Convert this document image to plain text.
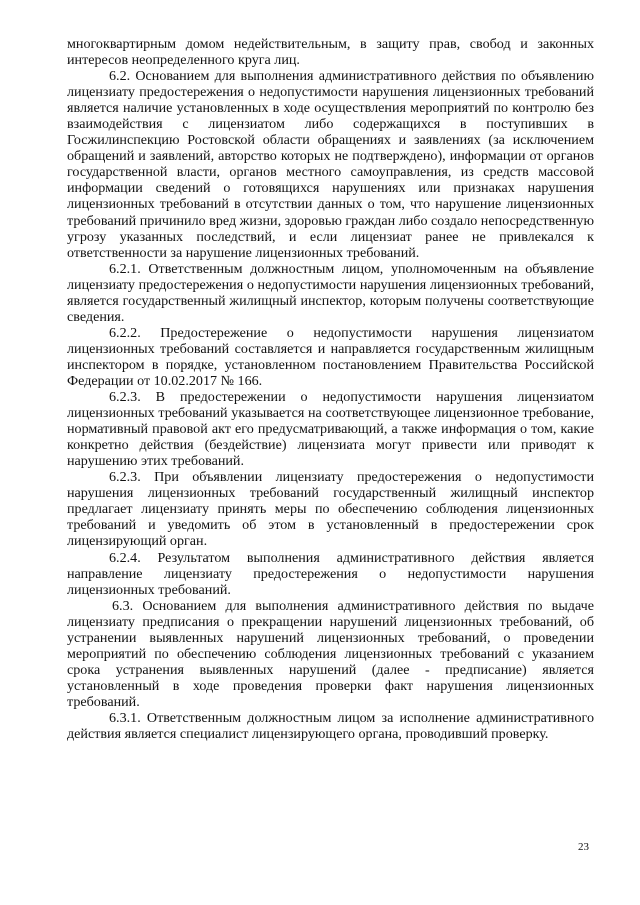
многоквартирным домом недействительным, в защиту прав, свобод и законных интересов неопределенного круга лиц.

6.2. Основанием для выполнения административного действия по объявлению лицензиату предостережения о недопустимости нарушения лицензионных требований является наличие установленных в ходе осуществления мероприятий по контролю без взаимодействия с лицензиатом либо содержащихся в поступивших в Госжилинспекцию Ростовской области обращениях и заявлениях (за исключением обращений и заявлений, авторство которых не подтверждено), информации от органов государственной власти, органов местного самоуправления, из средств массовой информации сведений о готовящихся нарушениях или признаках нарушения лицензионных требований в отсутствии данных о том, что нарушение лицензионных требований причинило вред жизни, здоровью граждан либо создало непосредственную угрозу указанных последствий, и если лицензиат ранее не привлекался к ответственности за нарушение лицензионных требований.

6.2.1. Ответственным должностным лицом, уполномоченным на объявление лицензиату предостережения о недопустимости нарушения лицензионных требований, является государственный жилищный инспектор, которым получены соответствующие сведения.

6.2.2. Предостережение о недопустимости нарушения лицензиатом лицензионных требований составляется и направляется государственным жилищным инспектором в порядке, установленном постановлением Правительства Российской Федерации от 10.02.2017 № 166.

6.2.3. В предостережении о недопустимости нарушения лицензиатом лицензионных требований указывается на соответствующее лицензионное требование, нормативный правовой акт его предусматривающий, а также информация о том, какие конкретно действия (бездействие) лицензиата могут привести или приводят к нарушению этих требований.

6.2.3. При объявлении лицензиату предостережения о недопустимости нарушения лицензионных требований государственный жилищный инспектор предлагает лицензиату принять меры по обеспечению соблюдения лицензионных требований и уведомить об этом в установленный в предостережении срок лицензирующий орган.

6.2.4. Результатом выполнения административного действия является направление лицензиату предостережения о недопустимости нарушения лицензионных требований.

6.3. Основанием для выполнения административного действия по выдаче лицензиату предписания о прекращении нарушений лицензионных требований, об устранении выявленных нарушений лицензионных требований, о проведении мероприятий по обеспечению соблюдения лицензионных требований с указанием срока устранения выявленных нарушений (далее - предписание) является установленный в ходе проведения проверки факт нарушения лицензионных требований.

6.3.1. Ответственным должностным лицом за исполнение административного действия является специалист лицензирующего органа, проводивший проверку.

23
